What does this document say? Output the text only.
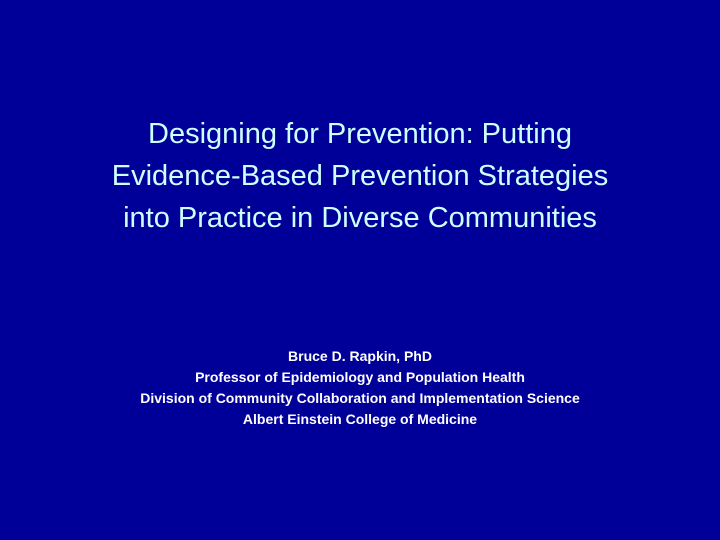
Designing for Prevention: Putting
Evidence-Based Prevention Strategies
into Practice in Diverse Communities
Bruce D. Rapkin, PhD
Professor of Epidemiology and Population Health
Division of Community Collaboration and Implementation Science
Albert Einstein College of Medicine
